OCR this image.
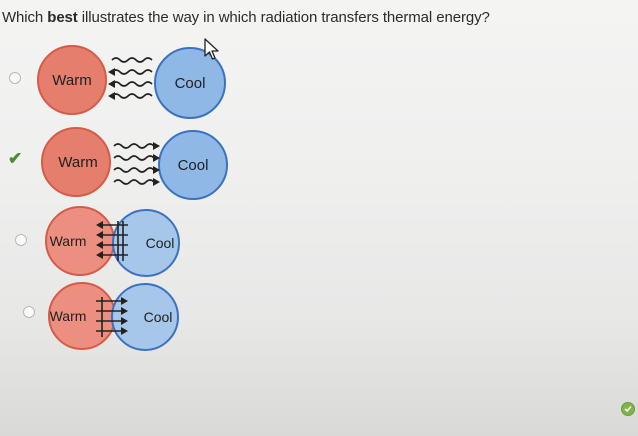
Which best illustrates the way in which radiation transfers thermal energy?
Warm	Cool
✔ Warm	Cool
Warm	Cool
Warm	Cool
